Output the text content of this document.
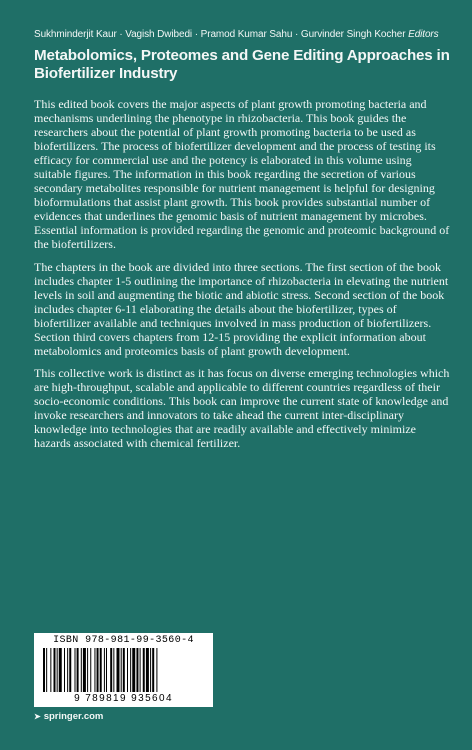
Sukhminderjit Kaur · Vagish Dwibedi · Pramod Kumar Sahu · Gurvinder Singh Kocher Editors
Metabolomics, Proteomes and Gene Editing Approaches in Biofertilizer Industry

This edited book covers the major aspects of plant growth promoting bacteria and mechanisms underlining the phenotype in rhizobacteria. This book guides the researchers about the potential of plant growth promoting bacteria to be used as biofertilizers. The process of biofertilizer development and the process of testing its efficacy for commercial use and the potency is elaborated in this volume using suitable figures. The information in this book regarding the secretion of various secondary metabolites responsible for nutrient management is helpful for designing bioformulations that assist plant growth. This book provides substantial number of evidences that underlines the genomic basis of nutrient management by microbes. Essential information is provided regarding the genomic and proteomic background of the biofertilizers.

The chapters in the book are divided into three sections. The first section of the book includes chapter 1-5 outlining the importance of rhizobacteria in elevating the nutrient levels in soil and augmenting the biotic and abiotic stress. Second section of the book includes chapter 6-11 elaborating the details about the biofertilizer, types of biofertilizer available and techniques involved in mass production of biofertilizers. Section third covers chapters from 12-15 providing the explicit information about metabolomics and proteomics basis of plant growth development.

This collective work is distinct as it has focus on diverse emerging technologies which are high-throughput, scalable and applicable to different countries regardless of their socio-economic conditions. This book can improve the current state of knowledge and invoke researchers and innovators to take ahead the current inter-disciplinary knowledge into technologies that are readily available and effectively minimize hazards associated with chemical fertilizer.

ISBN 978-981-99-3560-4
9 789819 935604
➤ springer.com
